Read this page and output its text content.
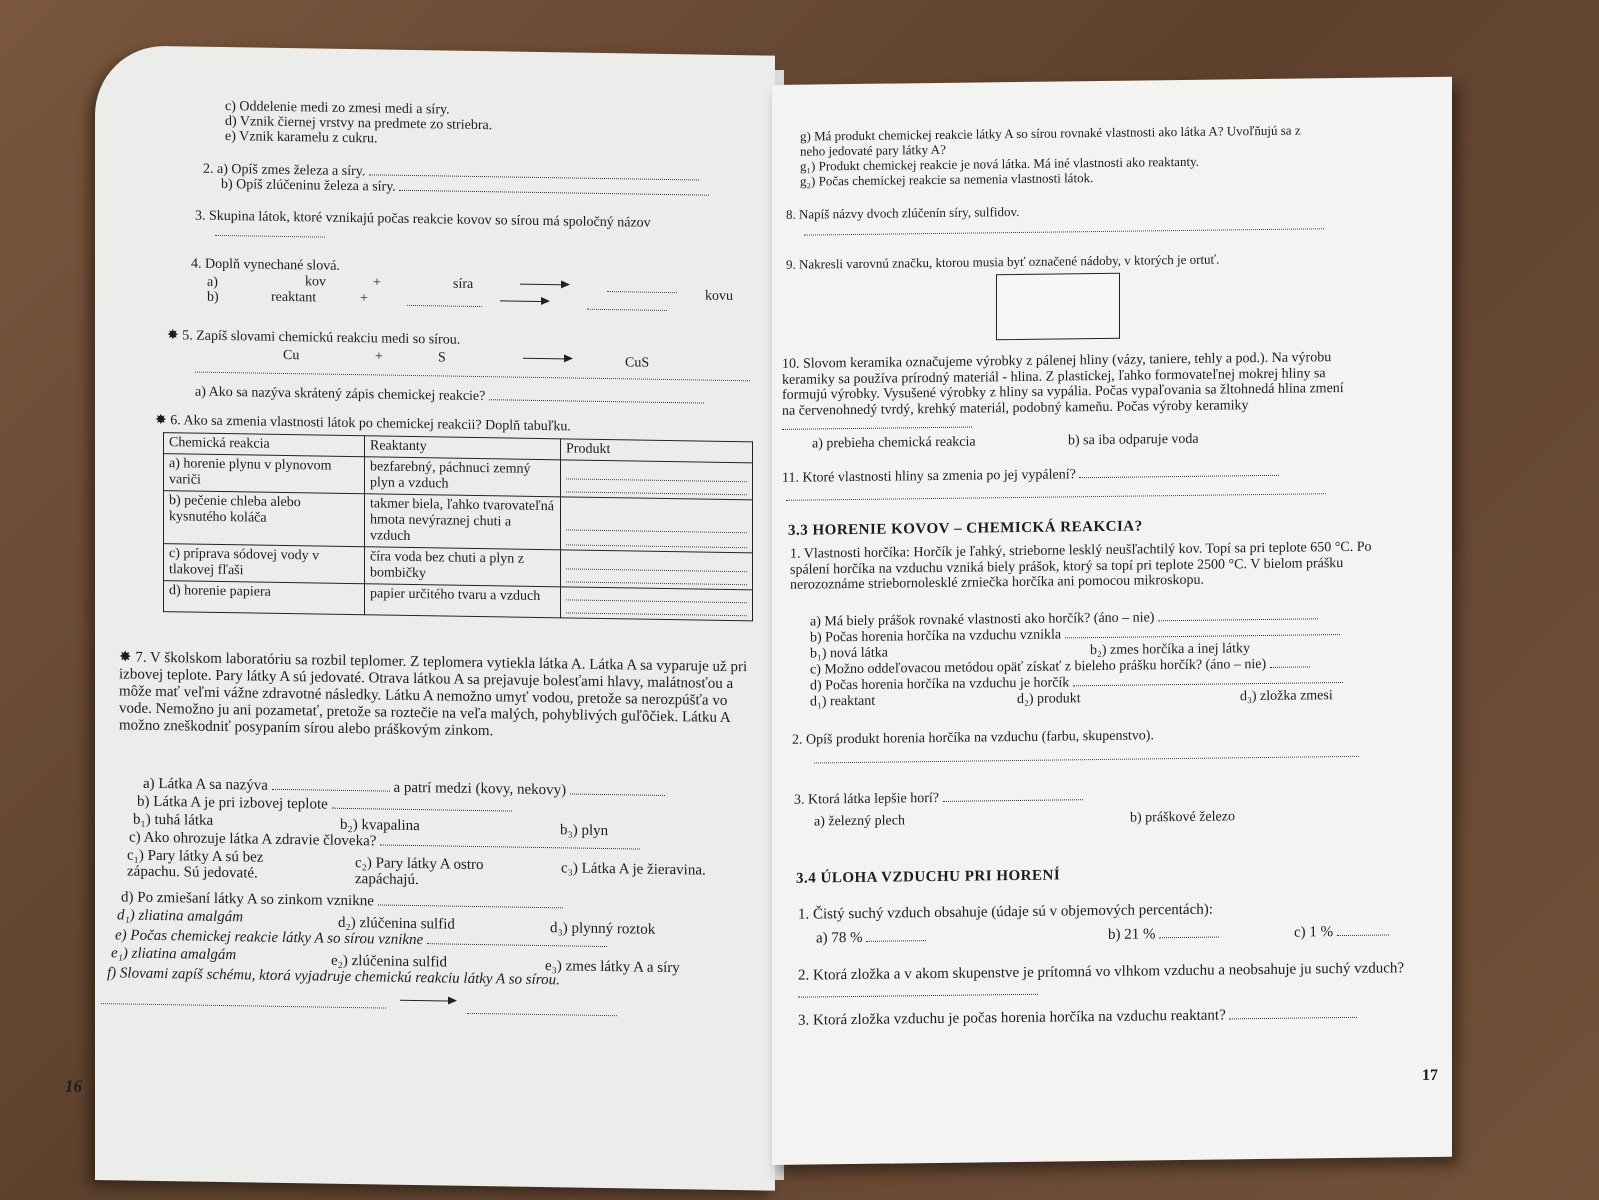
c) Oddelenie medi zo zmesi medi a síry.
d) Vznik čiernej vrstvy na predmete zo striebra.
e) Vznik karamelu z cukru.
2. a) Opíš zmes železa a síry.
b) Opíš zlúčeninu železa a síry.
3. Skupina látok, ktoré vznikajú počas reakcie kovov so sírou má spoločný názov
4. Doplň vynechané slová.
a)	kov	+	síra
kovu
b)	reaktant	+
✸ 5. Zapíš slovami chemickú reakciu medi so sírou.
Cu	+	S	CuS
a) Ako sa nazýva skrátený zápis chemickej reakcie?
✸ 6. Ako sa zmenia vlastnosti látok po chemickej reakcii? Doplň tabuľku.
Chemická reakcia	Reaktanty	Produkt
a) horenie plynu v plynovom variči	bezfarebný, páchnuci zemný plyn a vzduch	

b) pečenie chleba alebo kysnutého koláča	takmer biela, ľahko tvarovateľná hmota nevýraznej chuti a vzduch	

c) príprava sódovej vody v tlakovej fľaši	číra voda bez chuti a plyn z bombičky	

d) horenie papiera	papier určitého tvaru a vzduch	
✸ 7. V školskom laboratóriu sa rozbil teplomer. Z teplomera vytiekla látka A. Látka A sa vyparuje už pri izbovej teplote. Pary látky A sú jedovaté. Otrava látkou A sa prejavuje bolesťami hlavy, malátnosťou a môže mať veľmi vážne zdravotné následky. Látku A nemožno umyť vodou, pretože sa nerozpúšťa vo vode. Nemožno ju ani pozametať, pretože sa roztečie na veľa malých, pohyblivých guľôčiek. Látku A možno zneškodniť posypaním sírou alebo práškovým zinkom.
a) Látka A sa nazýva	a patrí medzi (kovy, nekovy)
b) Látka A je pri izbovej teplote
b₁) tuhá látka	b₂) kvapalina	b₃) plyn
c) Ako ohrozuje látka A zdravie človeka?
c₁) Pary látky A sú bez zápachu. Sú jedovaté.	c₂) Pary látky A ostro zapáchajú.
c₃) Látka A je žieravina.
d) Po zmiešaní látky A so zinkom vznikne
d₁) zliatina amalgám	d₂) zlúčenina sulfid	d₃) plynný roztok
e) Počas chemickej reakcie látky A so sírou vznikne
e₁) zliatina amalgám	e₂) zlúčenina sulfid	e₃) zmes látky A a síry
f) Slovami zapíš schému, ktorá vyjadruje chemickú reakciu látky A so sírou.
16
g) Má produkt chemickej reakcie látky A so sírou rovnaké vlastnosti ako látka A? Uvoľňujú sa z neho jedovaté pary látky A?
g₁) Produkt chemickej reakcie je nová látka. Má iné vlastnosti ako reaktanty.
g₂) Počas chemickej reakcie sa nemenia vlastnosti látok.
8. Napíš názvy dvoch zlúčenín síry, sulfidov.
9. Nakresli varovnú značku, ktorou musia byť označené nádoby, v ktorých je ortuť.
10. Slovom keramika označujeme výrobky z pálenej hliny (vázy, taniere, tehly a pod.). Na výrobu keramiky sa používa prírodný materiál - hlina. Z plastickej, ľahko formovateľnej mokrej hliny sa formujú výrobky. Vysušené výrobky z hliny sa vypália. Počas vypaľovania sa žltohnedá hlina zmení na červenohnedý tvrdý, krehký materiál, podobný kameňu. Počas výroby keramiky
a) prebieha chemická reakcia	b) sa iba odparuje voda
11. Ktoré vlastnosti hliny sa zmenia po jej vypálení?
3.3 HORENIE KOVOV – CHEMICKÁ REAKCIA?
1. Vlastnosti horčíka: Horčík je ľahký, strieborne lesklý neušľachtilý kov. Topí sa pri teplote 650 °C. Po spálení horčíka na vzduchu vzniká biely prášok, ktorý sa topí pri teplote 2500 °C. V bielom prášku nerozoznáme striebornolesklé zrniečka horčíka ani pomocou mikroskopu.
a) Má biely prášok rovnaké vlastnosti ako horčík? (áno – nie)
b) Počas horenia horčíka na vzduchu vznikla
b₁) nová látka	b₂) zmes horčíka a inej látky
c) Možno oddeľovacou metódou opäť získať z bieleho prášku horčík? (áno – nie)
d) Počas horenia horčíka na vzduchu je horčík
d₁) reaktant	d₂) produkt	d₃) zložka zmesi
2. Opíš produkt horenia horčíka na vzduchu (farbu, skupenstvo).
3. Ktorá látka lepšie horí?
a) železný plech	b) práškové železo
3.4 ÚLOHA VZDUCHU PRI HORENÍ
1. Čistý suchý vzduch obsahuje (údaje sú v objemových percentách):
a) 78 %	b) 21 %	c) 1 %
2. Ktorá zložka a v akom skupenstve je prítomná vo vlhkom vzduchu a neobsahuje ju suchý vzduch?
3. Ktorá zložka vzduchu je počas horenia horčíka na vzduchu reaktant?
17
